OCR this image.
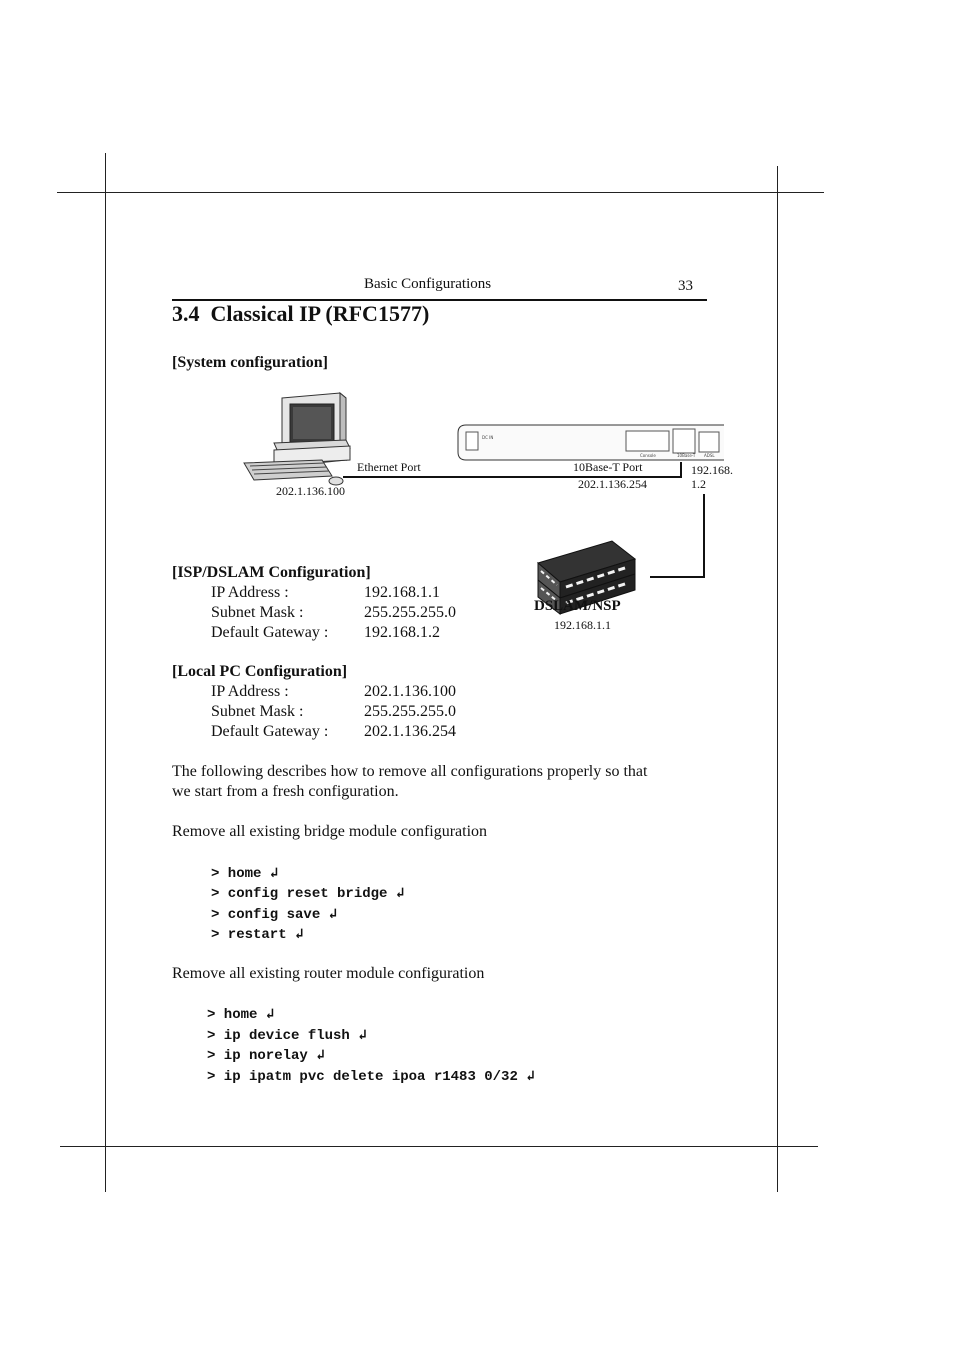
Basic Configurations	33
3.4  Classical IP (RFC1577)
[System configuration]
DC IN
Console	10Base-T ADSL
Ethernet Port
202.1.136.100
10Base-T Port
202.1.136.254
192.168.
1.2
DSLAM/NSP
192.168.1.1
[ISP/DSLAM Configuration]
IP Address :	192.168.1.1
Subnet Mask :	255.255.255.0
Default Gateway : 192.168.1.2
[Local PC Configuration]
IP Address :	202.1.136.100
Subnet Mask :	255.255.255.0
Default Gateway : 202.1.136.254
The following describes how to remove all configurations properly so that
we start from a fresh configuration.
Remove all existing bridge module configuration
> home ↲
> config reset bridge ↲
> config save ↲
> restart ↲
Remove all existing router module configuration
> home ↲
> ip device flush ↲
> ip norelay ↲
> ip ipatm pvc delete ipoa r1483 0/32 ↲
